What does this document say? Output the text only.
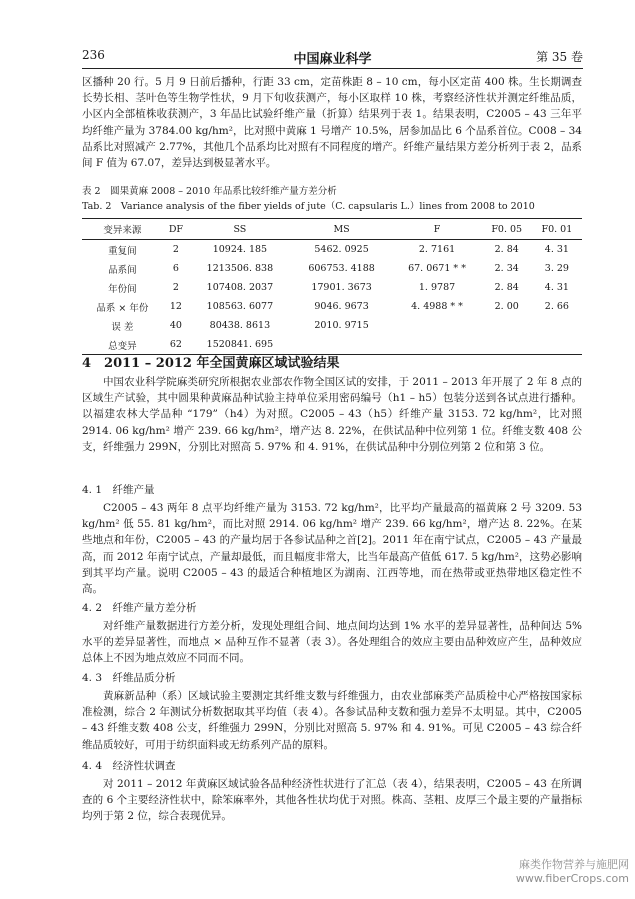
236	中国麻业科学	第 35 卷

区播种 20 行。5 月 9 日前后播种，行距 33 cm，定苗株距 8 – 10 cm，每小区定苗 400 株。生长期调查长势长相、茎叶色等生物学性状，9 月下旬收获测产，每小区取样 10 株，考察经济性状并测定纤维品质，小区内全部植株收获测产，3 年品比试验纤维产量（折算）结果列于表 1。结果表明，C2005 – 43 三年平均纤维产量为 3784.00 kg/hm²，比对照中黄麻 1 号增产 10.5%，居参加品比 6 个品系首位。C008 – 34 品系比对照减产 2.77%，其他几个品系均比对照有不同程度的增产。纤维产量结果方差分析列于表 2，品系间 F 值为 67.07，差异达到极显著水平。

表 2　圆果黄麻 2008 – 2010 年品系比较纤维产量方差分析
Tab. 2　Variance analysis of the fiber yields of jute（C. capsularis L.）lines from 2008 to 2010
变异来源	DF	SS	MS	F	F0. 05	F0. 01
重复间	2	10924. 185	5462. 0925	2. 7161	2. 84	4. 31
品系间	6	1213506. 838	606753. 4188	67. 0671 * *	2. 34	3. 29
年份间	2	107408. 2037	17901. 3673	1. 9787	2. 84	4. 31
品系 × 年份	12	108563. 6077	9046. 9673	4. 4988 * *	2. 00	2. 66
误 差	40	80438. 8613	2010. 9715			
总变异	62	1520841. 695				
4　2011 – 2012 年全国黄麻区域试验结果

中国农业科学院麻类研究所根据农业部农作物全国区试的安排，于 2011 – 2013 年开展了 2 年 8 点的区域生产试验，其中圆果种黄麻品种试验主持单位采用密码编号（h1 – h5）包装分送到各试点进行播种。以福建农林大学品种 “179”（h4）为对照。C2005 – 43（h5）纤维产量 3153. 72 kg/hm²，比对照 2914. 06 kg/hm² 增产 239. 66 kg/hm²，增产达 8. 22%，在供试品种中位列第 1 位。纤维支数 408 公支，纤维强力 299N，分别比对照高 5. 97% 和 4. 91%，在供试品种中分别位列第 2 位和第 3 位。

4. 1　纤维产量

C2005 – 43 两年 8 点平均纤维产量为 3153. 72 kg/hm²，比平均产量最高的福黄麻 2 号 3209. 53 kg/hm² 低 55. 81 kg/hm²，而比对照 2914. 06 kg/hm² 增产 239. 66 kg/hm²，增产达 8. 22%。在某些地点和年份，C2005 – 43 的产量均居于各参试品种之首[2]。2011 年在南宁试点，C2005 – 43 产量最高，而 2012 年南宁试点，产量却最低，而且幅度非常大，比当年最高产值低 617. 5 kg/hm²，这势必影响到其平均产量。说明 C2005 – 43 的最适合种植地区为湖南、江西等地，而在热带或亚热带地区稳定性不高。

4. 2　纤维产量方差分析

对纤维产量数据进行方差分析，发现处理组合间、地点间均达到 1% 水平的差异显著性，品种间达 5% 水平的差异显著性，而地点 × 品种互作不显著（表 3）。各处理组合的效应主要由品种效应产生，品种效应总体上不因为地点效应不同而不同。

4. 3　纤维品质分析

黄麻新品种（系）区域试验主要测定其纤维支数与纤维强力，由农业部麻类产品质检中心严格按国家标准检测，综合 2 年测试分析数据取其平均值（表 4）。各参试品种支数和强力差异不太明显。其中，C2005 – 43 纤维支数 408 公支，纤维强力 299N，分别比对照高 5. 97% 和 4. 91%。可见 C2005 – 43 综合纤维品质较好，可用于纺织面料或无纺系列产品的原料。

4. 4　经济性状调查

对 2011 – 2012 年黄麻区域试验各品种经济性状进行了汇总（表 4），结果表明，C2005 – 43 在所调查的 6 个主要经济性状中，除笨麻率外，其他各性状均优于对照。株高、茎粗、皮厚三个最主要的产量指标均列于第 2 位，综合表现优异。

麻类作物营养与施肥网
www.fiberCrops.com
